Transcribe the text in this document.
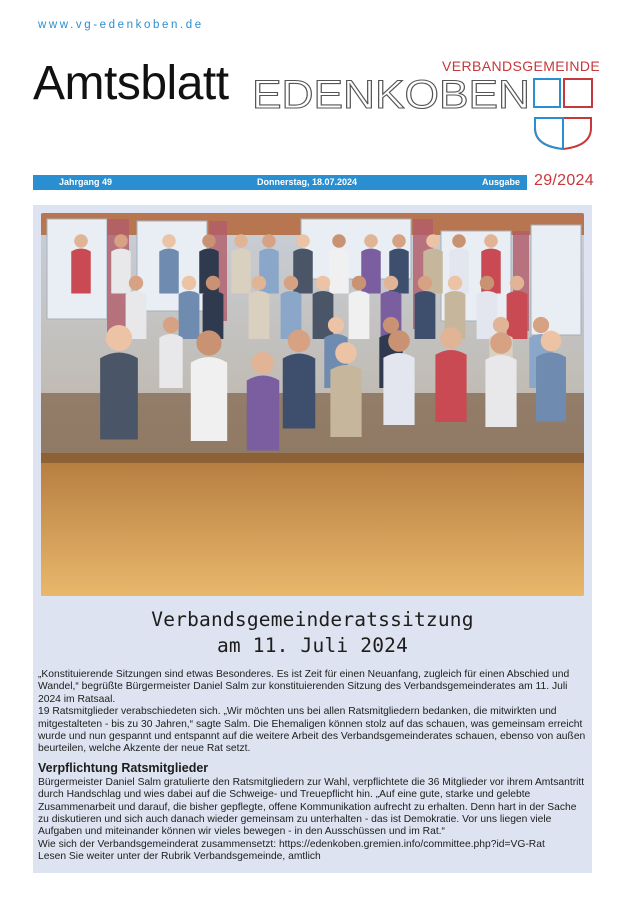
www.vg-edenkoben.de
Amtsblatt	VERBANDSGEMEINDE
EDENKOBEN
Jahrgang 49	Donnerstag, 18.07.2024	Ausgabe 29/2024
Verbandsgemeinderatssitzung
am 11. Juli 2024

„Konstituierende Sitzungen sind etwas Besonderes. Es ist Zeit für einen Neuanfang, zugleich für einen Abschied und Wandel,“ begrüßte Bürgermeister Daniel Salm zur konstituierenden Sitzung des Verbandsgemeinderates am 11. Juli 2024 im Ratsaal.

19 Ratsmitglieder verabschiedeten sich. „Wir möchten uns bei allen Ratsmitgliedern bedanken, die mitwirkten und mitgestalteten - bis zu 30 Jahren,“ sagte Salm. Die Ehemaligen können stolz auf das schauen, was gemeinsam erreicht wurde und nun gespannt und entspannt auf die weitere Arbeit des Verbandsgemeinderates schauen, ebenso von außen beurteilen, welche Akzente der neue Rat setzt.

Verpflichtung Ratsmitglieder

Bürgermeister Daniel Salm gratulierte den Ratsmitgliedern zur Wahl, verpflichtete die 36 Mitglieder vor ihrem Amtsantritt durch Handschlag und wies dabei auf die Schweige- und Treuepflicht hin. „Auf eine gute, starke und gelebte Zusammenarbeit und darauf, die bisher gepflegte, offene Kommunikation aufrecht zu erhalten. Denn hart in der Sache zu diskutieren und sich auch danach wieder gemeinsam zu unterhalten - das ist Demokratie. Vor uns liegen viele Aufgaben und miteinander können wir vieles bewegen - in den Ausschüssen und im Rat.“

Wie sich der Verbandsgemeinderat zusammensetzt: https://edenkoben.gremien.info/committee.php?id=VG-Rat

Lesen Sie weiter unter der Rubrik Verbandsgemeinde, amtlich
